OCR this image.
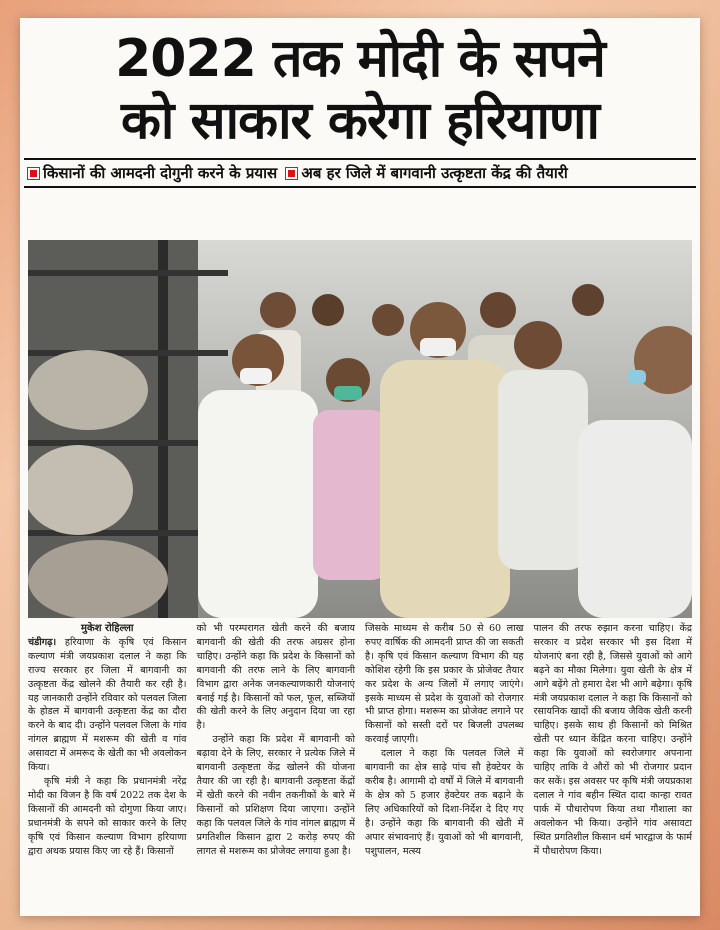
2022 तक मोदी के सपने
को साकार करेगा हरियाणा
किसानों की आमदनी दोगुनी करने के प्रयास अब हर जिले में बागवानी उत्कृष्टता केंद्र की तैयारी

मुकेश रोहिल्ला

चंडीगढ़। हरियाणा के कृषि एवं किसान कल्याण मंत्री जयप्रकाश दलाल ने कहा कि राज्य सरकार हर जिला में बागवानी का उत्कृष्टता केंद्र खोलने की तैयारी कर रही है। यह जानकारी उन्होंने रविवार को पलवल जिला के होडल में बागवानी उत्कृष्टता केंद्र का दौरा करने के बाद दी। उन्होंने पलवल जिला के गांव नांगल ब्राह्मण में मशरूम की खेती व गांव असावटा में अमरूद के खेती का भी अवलोकन किया।

कृषि मंत्री ने कहा कि प्रधानमंत्री नरेंद्र मोदी का विजन है कि वर्ष 2022 तक देश के किसानों की आमदनी को दोगुणा किया जाए। प्रधानमंत्री के सपने को साकार करने के लिए कृषि एवं किसान कल्याण विभाग हरियाणा द्वारा अथक प्रयास किए जा रहे हैं। किसानों

को भी परम्परागत खेती करने की बजाय बागवानी की खेती की तरफ अग्रसर होना चाहिए। उन्होंने कहा कि प्रदेश के किसानों को बागवानी की तरफ लाने के लिए बागवानी विभाग द्वारा अनेक जनकल्याणकारी योजनाएं बनाई गई है। किसानों को फल, फूल, सब्जियों की खेती करने के लिए अनुदान दिया जा रहा है।

उन्होंने कहा कि प्रदेश में बागवानी को बढ़ावा देने के लिए, सरकार ने प्रत्येक जिले में बागवानी उत्कृष्टता केंद्र खोलने की योजना तैयार की जा रही है। बागवानी उत्कृष्टता केंद्रों में खेती करने की नवीन तकनीकों के बारे में किसानों को प्रशिक्षण दिया जाएगा। उन्होंने कहा कि पलवल जिले के गांव नांगल ब्राह्मण में प्रगतिशील किसान द्वारा 2 करोड़ रुपए की लागत से मशरूम का प्रोजेक्ट लगाया हुआ है।

जिसके माध्यम से करीब 50 से 60 लाख रुपए वार्षिक की आमदनी प्राप्त की जा सकती है। कृषि एवं किसान कल्याण विभाग की यह कोशिश रहेगी कि इस प्रकार के प्रोजेक्ट तैयार कर प्रदेश के अन्य जिलों में लगाए जाएंगे। इसके माध्यम से प्रदेश के युवाओं को रोजगार भी प्राप्त होगा। मशरूम का प्रोजेक्ट लगाने पर किसानों को सस्ती दरों पर बिजली उपलब्ध करवाई जाएगी।

दलाल ने कहा कि पलवल जिले में बागवानी का क्षेत्र साढ़े पांच सौ हेक्टेयर के करीब है। आगामी दो वर्षों में जिले में बागवानी के क्षेत्र को 5 हजार हेक्टेयर तक बढ़ाने के लिए अधिकारियों को दिशा-निर्देश दे दिए गए है। उन्होंने कहा कि बागवानी की खेती में अपार संभावनाएं हैं। युवाओं को भी बागवानी, पशुपालन, मत्स्य

पालन की तरफ रुझान करना चाहिए। केंद्र सरकार व प्रदेश सरकार भी इस दिशा में योजनाएं बना रही है, जिससे युवाओं को आगे बढ़ने का मौका मिलेगा। युवा खेती के क्षेत्र में आगे बढ़ेंगे तो हमारा देश भी आगे बढ़ेगा। कृषि मंत्री जयप्रकाश दलाल ने कहा कि किसानों को रसायनिक खादों की बजाय जैविक खेती करनी चाहिए। इसके साथ ही किसानों को मिश्रित खेती पर ध्यान केंद्रित करना चाहिए। उन्होंने कहा कि युवाओं को स्वरोजगार अपनाना चाहिए ताकि वे औरों को भी रोजगार प्रदान कर सकें। इस अवसर पर कृषि मंत्री जयप्रकाश दलाल ने गांव बहीन स्थित दादा कान्हा रावत पार्क में पौधारोपण किया तथा गौशाला का अवलोकन भी किया। उन्होंने गांव असावटा स्थित प्रगतिशील किसान धर्म भारद्वाज के फार्म में पौधारोपण किया।
